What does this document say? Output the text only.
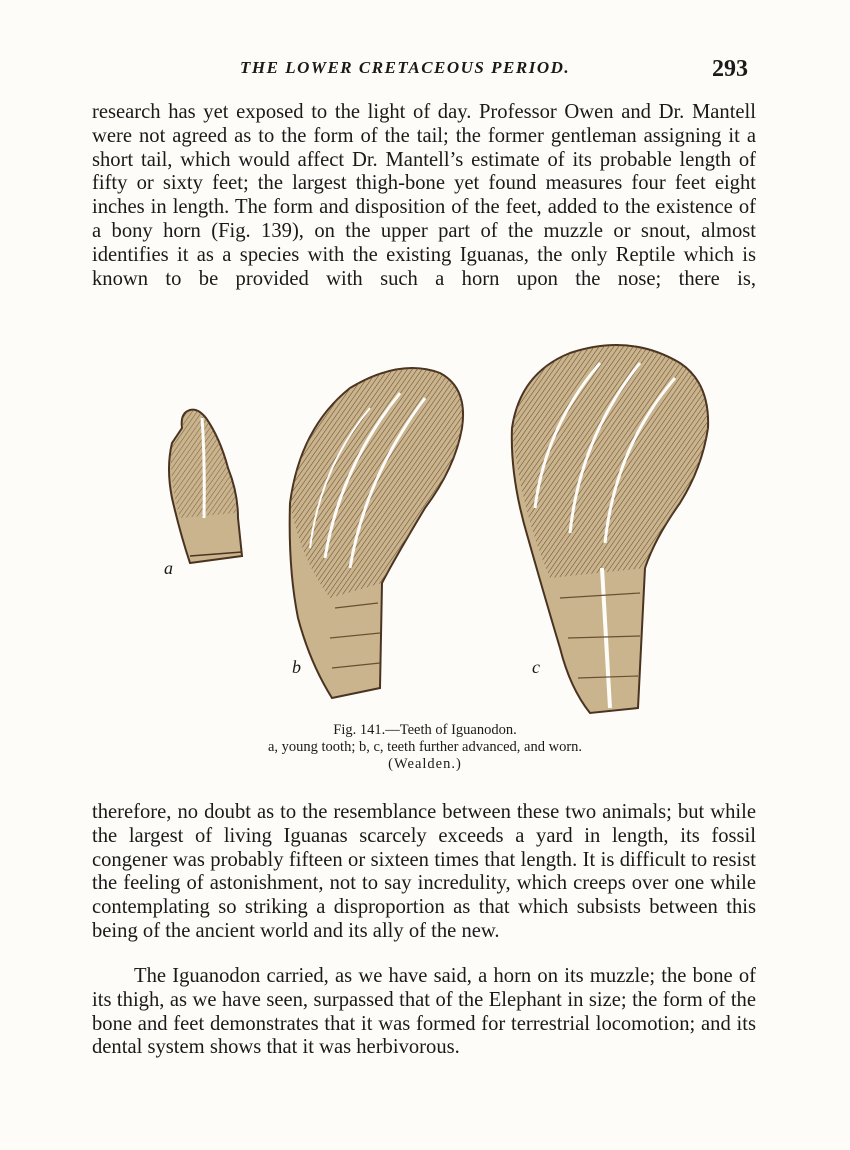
THE LOWER CRETACEOUS PERIOD.	293

research has yet exposed to the light of day. Professor Owen and Dr. Mantell were not agreed as to the form of the tail; the former gentleman assigning it a short tail, which would affect Dr. Mantell’s estimate of its probable length of fifty or sixty feet; the largest thigh-bone yet found measures four feet eight inches in length. The form and disposition of the feet, added to the existence of a bony horn (Fig. 139), on the upper part of the muzzle or snout, almost identifies it as a species with the existing Iguanas, the only Reptile which is known to be provided with such a horn upon the nose; there is,

a
b	c
Fig. 141.—Teeth of Iguanodon.
a, young tooth; b, c, teeth further advanced, and worn.
(Wealden.)

therefore, no doubt as to the resemblance between these two animals; but while the largest of living Iguanas scarcely exceeds a yard in length, its fossil congener was probably fifteen or sixteen times that length. It is difficult to resist the feeling of astonishment, not to say incredulity, which creeps over one while contemplating so striking a disproportion as that which subsists between this being of the ancient world and its ally of the new.

The Iguanodon carried, as we have said, a horn on its muzzle; the bone of its thigh, as we have seen, surpassed that of the Elephant in size; the form of the bone and feet demonstrates that it was formed for terrestrial locomotion; and its dental system shows that it was herbivorous.
